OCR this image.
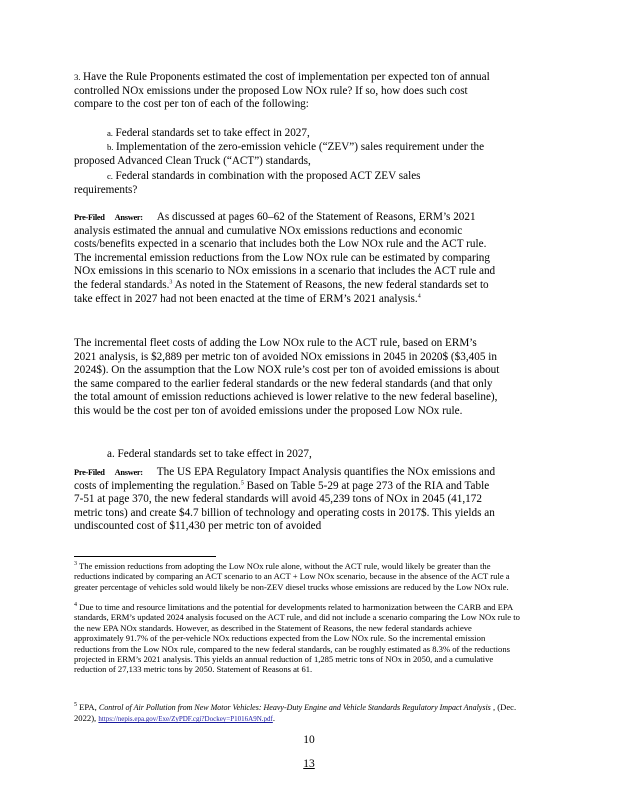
3. Have the Rule Proponents estimated the cost of implementation per expected ton of annual controlled NOx emissions under the proposed Low NOx rule? If so, how does such cost compare to the cost per ton of each of the following:

a. Federal standards set to take effect in 2027,

b. Implementation of the zero-emission vehicle (“ZEV”) sales requirement under the proposed Advanced Clean Truck (“ACT”) standards,

c. Federal standards in combination with the proposed ACT ZEV sales requirements?

Pre-Filed Answer: As discussed at pages 60–62 of the Statement of Reasons, ERM’s 2021 analysis estimated the annual and cumulative NOx emissions reductions and economic costs/benefits expected in a scenario that includes both the Low NOx rule and the ACT rule. The incremental emission reductions from the Low NOx rule can be estimated by comparing NOx emissions in this scenario to NOx emissions in a scenario that includes the ACT rule and the federal standards.$^3$ As noted in the Statement of Reasons, the new federal standards set to take effect in 2027 had not been enacted at the time of ERM’s 2021 analysis.$^4$

The incremental fleet costs of adding the Low NOx rule to the ACT rule, based on ERM’s 2021 analysis, is $2,889 per metric ton of avoided NOx emissions in 2045 in 2020$ ($3,405 in 2024$). On the assumption that the Low NOX rule’s cost per ton of avoided emissions is about the same compared to the earlier federal standards or the new federal standards (and that only the total amount of emission reductions achieved is lower relative to the new federal baseline), this would be the cost per ton of avoided emissions under the proposed Low NOx rule.

a. Federal standards set to take effect in 2027,

Pre-Filed Answer: The US EPA Regulatory Impact Analysis quantifies the NOx emissions and costs of implementing the regulation.$^5$ Based on Table 5-29 at page 273 of the RIA and Table 7-51 at page 370, the new federal standards will avoid 45,239 tons of NOx in 2045 (41,172 metric tons) and create $4.7 billion of technology and operating costs in 2017$. This yields an undiscounted cost of $11,430 per metric ton of avoided

$^3$ The emission reductions from adopting the Low NOx rule alone, without the ACT rule, would likely be greater than the reductions indicated by comparing an ACT scenario to an ACT + Low NOx scenario, because in the absence of the ACT rule a greater percentage of vehicles sold would likely be non-ZEV diesel trucks whose emissions are reduced by the Low NOx rule.

$^4$ Due to time and resource limitations and the potential for developments related to harmonization between the CARB and EPA standards, ERM’s updated 2024 analysis focused on the ACT rule, and did not include a scenario comparing the Low NOx rule to the new EPA NOx standards. However, as described in the Statement of Reasons, the new federal standards achieve approximately 91.7% of the per-vehicle NOx reductions expected from the Low NOx rule. So the incremental emission reductions from the Low NOx rule, compared to the new federal standards, can be roughly estimated as 8.3% of the reductions projected in ERM’s 2021 analysis. This yields an annual reduction of 1,285 metric tons of NOx in 2050, and a cumulative reduction of 27,133 metric tons by 2050. Statement of Reasons at 61.

$^5$ EPA, Control of Air Pollution from New Motor Vehicles: Heavy-Duty Engine and Vehicle Standards Regulatory Impact Analysis , (Dec. 2022), https://nepis.epa.gov/Exe/ZyPDF.cgi?Dockey=P1016A9N.pdf.

10

13
